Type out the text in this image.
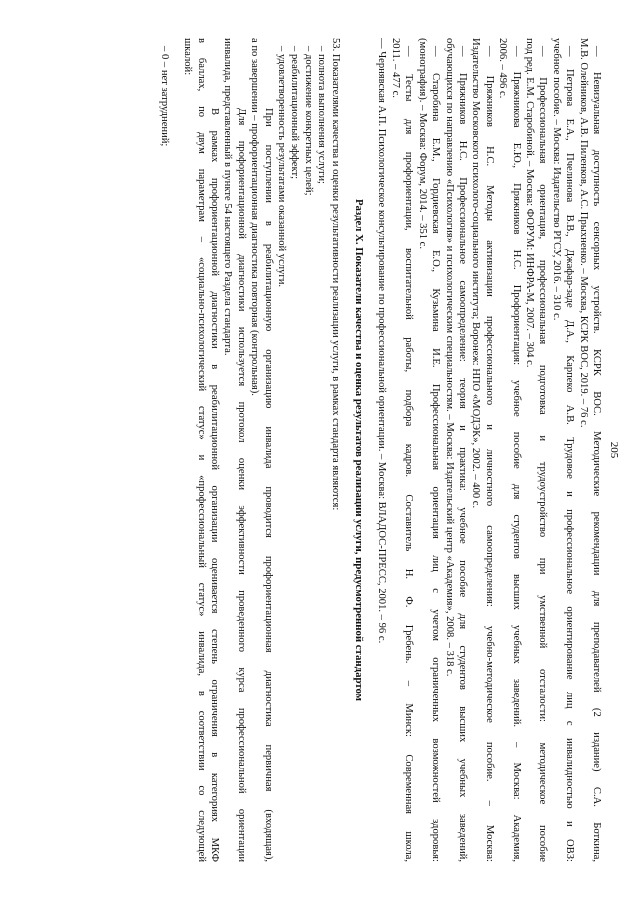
205
— Невизуальная доступность сенсорных устройств. КСРК ВОС. Методические рекомендации для преподавателей (2 издание) С.А. Боткина,
М.В. Олейников, А.В. Пиленков, А.С. Прыхненко. – Москва, КСРК ВОС, 2019. – 76 с.
— Петрова Е.А., Пчелинова В.В., Джафар-заде Д.А., Карпеко А.В. Трудовое и профессиональное ориентирование лиц с инвалидностью и ОВЗ:
учебное пособие. – Москва: Издательство РГСУ, 2016. – 310 с.
— Профессиональная ориентация, профессиональная подготовка и трудоустройство при умственной отсталости: методическое пособие
под ред. Е.М. Старобиной. – Москва: ФОРУМ: ИНФРА-М, 2007. – 304 с.
— Пряжникова Е.Ю., Пряжников Н.С. Профориентация: учебное пособие для студентов высших учебных заведений. – Москва: Академия,
2006. – 496 с.
— Пряжников Н.С. Методы активизации профессионального и личностного самоопределения: учебно-методическое пособие. – Москва:
Издательство Московского психолого-социального института; Воронеж: НПО «МОДЭК», 2002. – 400 с.
— Пряжников Н.С. Профессиональное самоопределение: теория и практика: учебное пособие для студентов высших учебных заведений,
обучающихся по направлению «Психология» и психологическим специальностям. – Москва: Издательский центр «Академия», 2008. – 318 с.
— Старобина Е.М., Гордиевская Е.О., Кузьмина И.Е. Профессиональная ориентация лиц с учетом ограниченных возможностей здоровья:
(монография). – Москва: Форум, 2014. – 351 с.
— Тесты для профориентации, воспитательной работы, подбора кадров. Составитель Н. Ф. Гребень. – Минск: Современная школа,
2011. – 477 с.
— Чернявская А.П. Психологическое консультирование по профессиональной ориентации. – Москва: ВЛАДОС-ПРЕСС, 2001. – 96 с.
Раздел X. Показатели качества и оценка результатов реализации услуги, предусмотренной стандартом
53. Показателями качества и оценки результативности реализации услуги, в рамках стандарта являются:
– полнота выполнения услуги;
– достижение конкретных целей;
– реабилитационный эффект;
– удовлетворенность результатами оказанной услуги.
При поступлении в реабилитационную организацию инвалида проводится профориентационная диагностика первичная (входящая),
а по завершении – профориентационная диагностика повторная (контрольная).
Для профориентационной диагностики используется протокол оценки эффективности проведенного курса профессиональной ориентации
инвалида, представленный в пункте 54 настоящего Раздела стандарта.
В рамках профориентационной диагностики в реабилитационной организации оценивается степень ограничения в категориях МКФ
в баллах, по двум параметрам – «социально-психологический статус» и «профессиональный статус» инвалида, в соответствии со следующей
шкалой:
– 0 – нет затруднений;
